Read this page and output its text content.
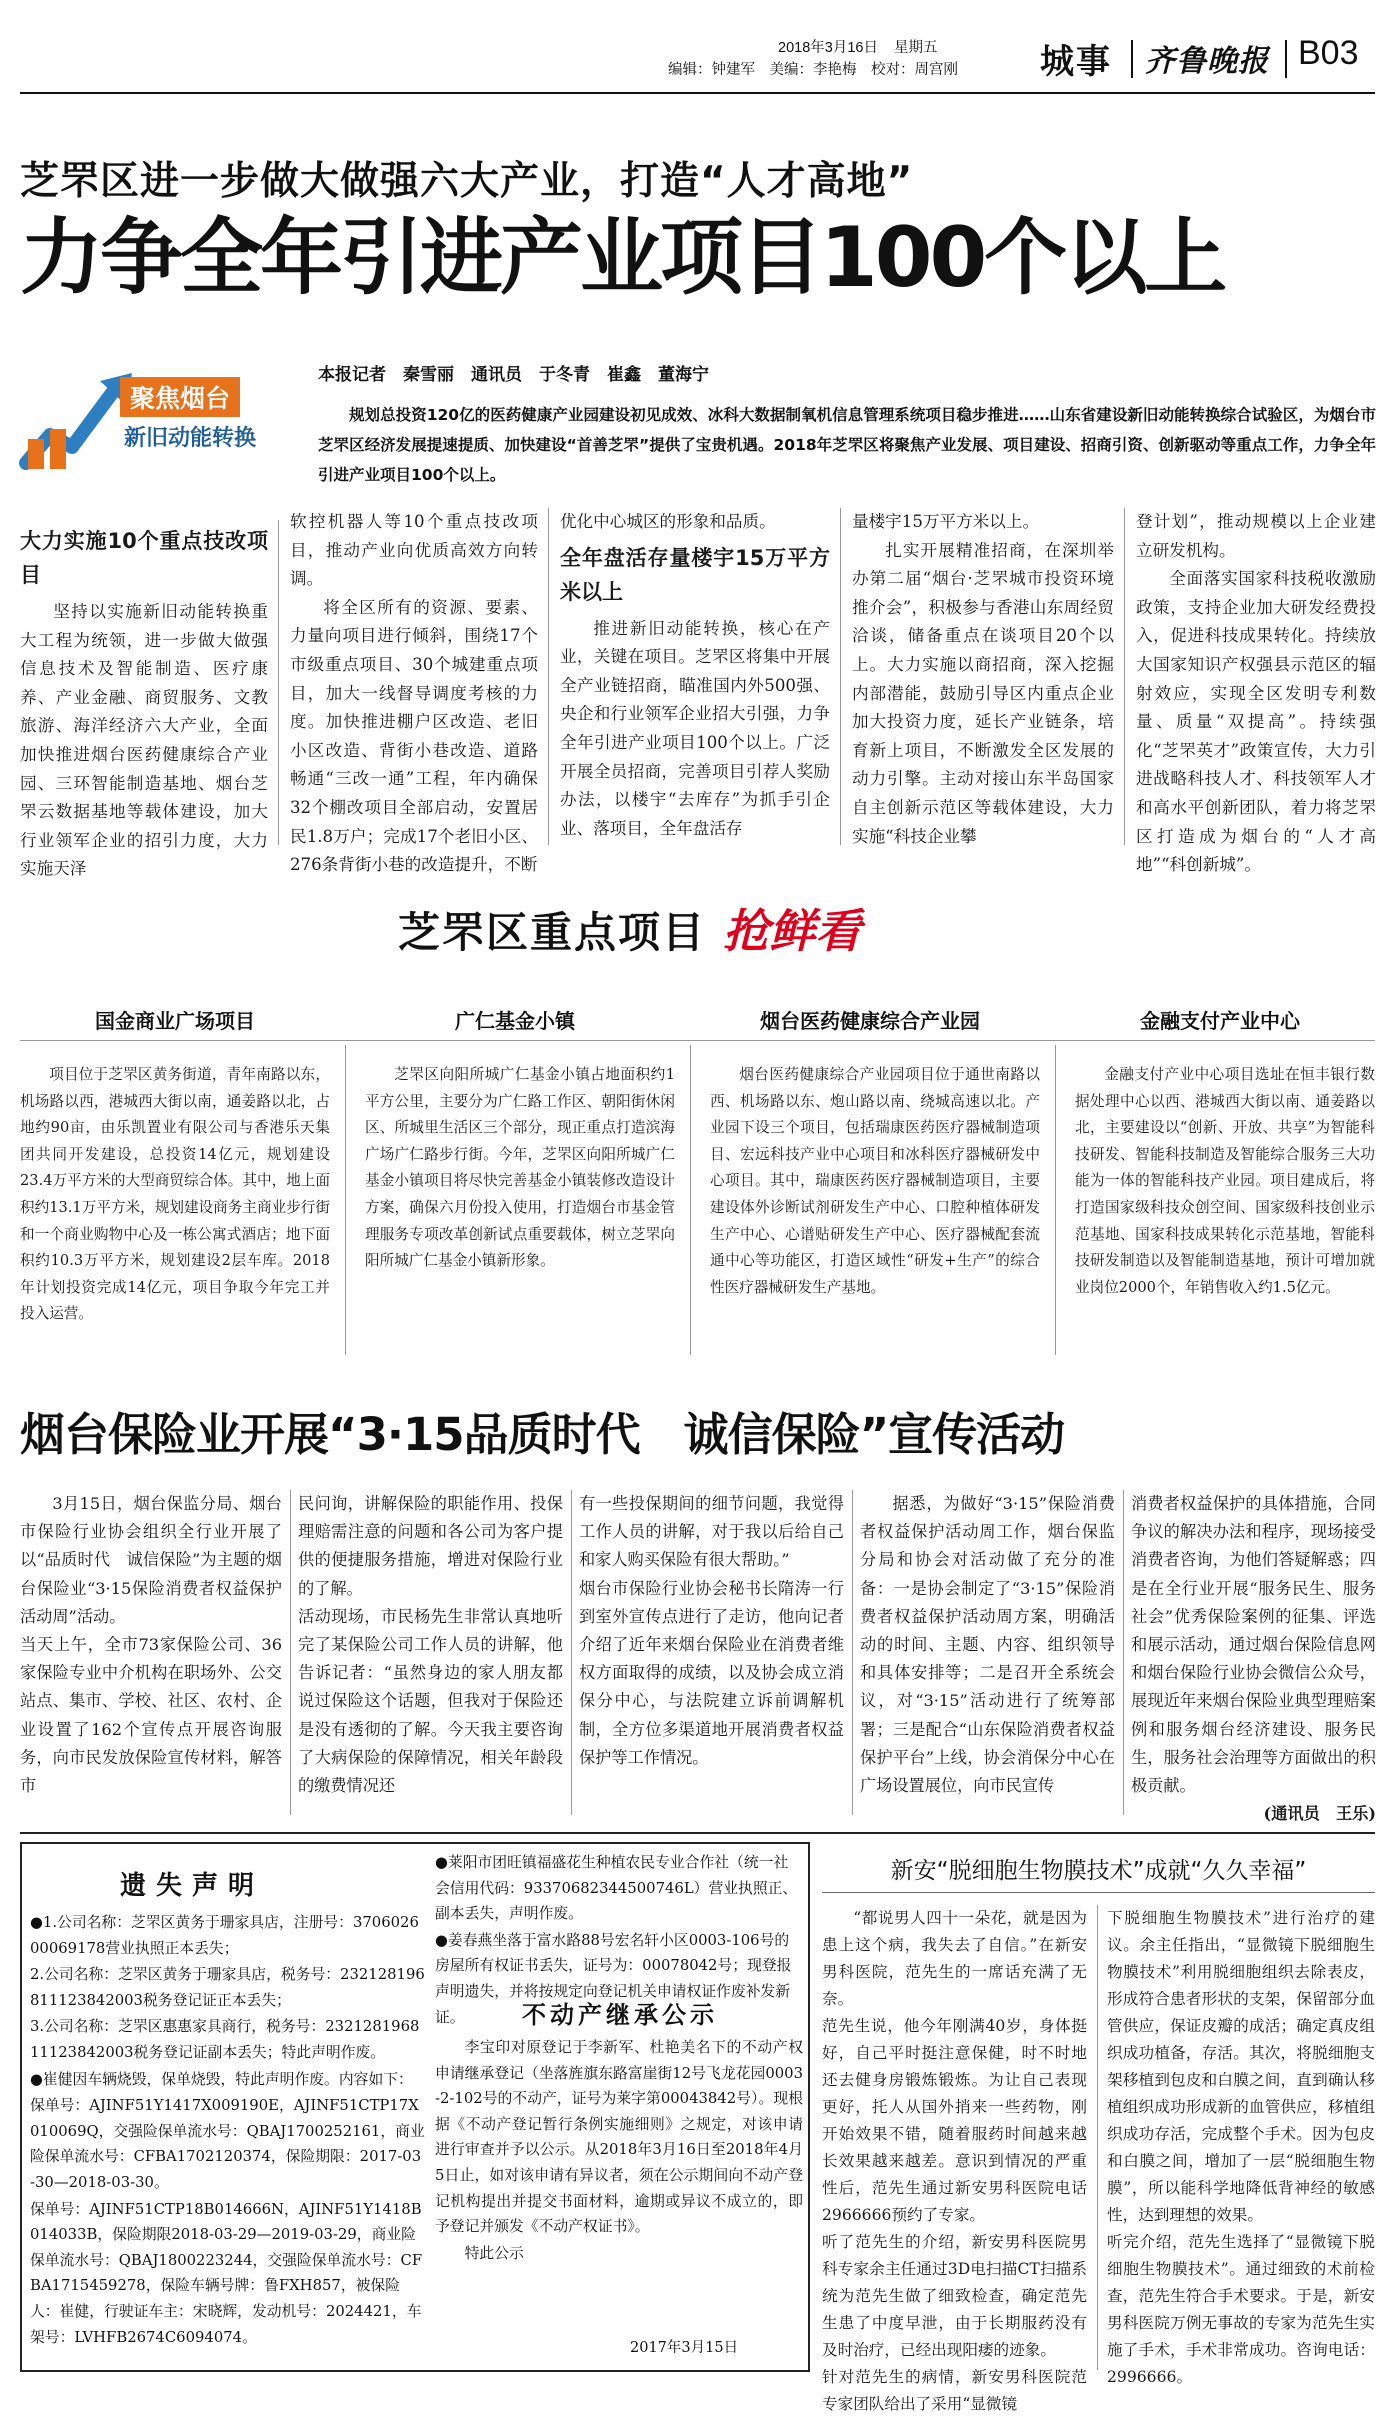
2018年3月16日 星期五
编辑：钟建军　美编：李艳梅　校对：周宫刚 城事 齐鲁晚报 B03
芝罘区进一步做大做强六大产业，打造“人才高地”
力争全年引进产业项目100个以上
聚焦烟台
新旧动能转换
本报记者　秦雪丽　通讯员　于冬青　崔鑫　董海宁
规划总投资120亿的医药健康产业园建设初见成效、冰科大数据制氧机信息管理系统项目稳步推进……山东省建设新旧动能转换综合试验区，为烟台市芝罘区经济发展提速提质、加快建设“首善芝罘”提供了宝贵机遇。2018年芝罘区将聚焦产业发展、项目建设、招商引资、创新驱动等重点工作，力争全年引进产业项目100个以上。

大力实施10个重点技改项目

坚持以实施新旧动能转换重大工程为统领，进一步做大做强信息技术及智能制造、医疗康养、产业金融、商贸服务、文教旅游、海洋经济六大产业，全面加快推进烟台医药健康综合产业园、三环智能制造基地、烟台芝罘云数据基地等载体建设，加大行业领军企业的招引力度，大力实施天泽

软控机器人等10个重点技改项目，推动产业向优质高效方向转调。

将全区所有的资源、要素、力量向项目进行倾斜，围绕17个市级重点项目、30个城建重点项目，加大一线督导调度考核的力度。加快推进棚户区改造、老旧小区改造、背街小巷改造、道路畅通“三改一通”工程，年内确保32个棚改项目全部启动，安置居民1.8万户；完成17个老旧小区、276条背街小巷的改造提升，不断

优化中心城区的形象和品质。

全年盘活存量楼宇15万平方米以上

推进新旧动能转换，核心在产业，关键在项目。芝罘区将集中开展全产业链招商，瞄准国内外500强、央企和行业领军企业招大引强，力争全年引进产业项目100个以上。广泛开展全员招商，完善项目引荐人奖励办法，以楼宇“去库存”为抓手引企业、落项目，全年盘活存

量楼宇15万平方米以上。

扎实开展精准招商，在深圳举办第二届“烟台·芝罘城市投资环境推介会”，积极参与香港山东周经贸洽谈，储备重点在谈项目20个以上。大力实施以商招商，深入挖掘内部潜能，鼓励引导区内重点企业加大投资力度，延长产业链条，培育新上项目，不断激发全区发展的动力引擎。主动对接山东半岛国家自主创新示范区等载体建设，大力实施“科技企业攀

登计划”，推动规模以上企业建立研发机构。

全面落实国家科技税收激励政策，支持企业加大研发经费投入，促进科技成果转化。持续放大国家知识产权强县示范区的辐射效应，实现全区发明专利数量、质量“双提高”。持续强化“芝罘英才”政策宣传，大力引进战略科技人才、科技领军人才和高水平创新团队，着力将芝罘区打造成为烟台的“人才高地”“科创新城”。

芝罘区重点项目 抢鲜看
国金商业广场项目	广仁基金小镇	烟台医药健康综合产业园	金融支付产业中心

项目位于芝罘区黄务街道，青年南路以东，机场路以西，港城西大街以南，通姜路以北，占地约90亩，由乐凯置业有限公司与香港乐天集团共同开发建设，总投资14亿元，规划建设23.4万平方米的大型商贸综合体。其中，地上面积约13.1万平方米，规划建设商务主商业步行街和一个商业购物中心及一栋公寓式酒店；地下面积约10.3万平方米，规划建设2层车库。2018年计划投资完成14亿元，项目争取今年完工并投入运营。

芝罘区向阳所城广仁基金小镇占地面积约1平方公里，主要分为广仁路工作区、朝阳街休闲区、所城里生活区三个部分，现正重点打造滨海广场广仁路步行街。今年，芝罘区向阳所城广仁基金小镇项目将尽快完善基金小镇装修改造设计方案，确保六月份投入使用，打造烟台市基金管理服务专项改革创新试点重要载体，树立芝罘向阳所城广仁基金小镇新形象。

烟台医药健康综合产业园项目位于通世南路以西、机场路以东、炮山路以南、绕城高速以北。产业园下设三个项目，包括瑞康医药医疗器械制造项目、宏远科技产业中心项目和冰科医疗器械研发中心项目。其中，瑞康医药医疗器械制造项目，主要建设体外诊断试剂研发生产中心、口腔种植体研发生产中心、心谱贴研发生产中心、医疗器械配套流通中心等功能区，打造区域性“研发+生产”的综合性医疗器械研发生产基地。

金融支付产业中心项目选址在恒丰银行数据处理中心以西、港城西大街以南、通姜路以北，主要建设以“创新、开放、共享”为智能科技研发、智能科技制造及智能综合服务三大功能为一体的智能科技产业园。项目建成后，将打造国家级科技众创空间、国家级科技创业示范基地、国家科技成果转化示范基地，智能科技研发制造以及智能制造基地，预计可增加就业岗位2000个，年销售收入约1.5亿元。

烟台保险业开展“3·15品质时代　诚信保险”宣传活动

3月15日，烟台保监分局、烟台市保险行业协会组织全行业开展了以“品质时代　诚信保险”为主题的烟台保险业“3·15保险消费者权益保护活动周”活动。
当天上午，全市73家保险公司、36家保险专业中介机构在职场外、公交站点、集市、学校、社区、农村、企业设置了162个宣传点开展咨询服务，向市民发放保险宣传材料，解答市

民问询，讲解保险的职能作用、投保理赔需注意的问题和各公司为客户提供的便捷服务措施，增进对保险行业的了解。
活动现场，市民杨先生非常认真地听完了某保险公司工作人员的讲解，他告诉记者：“虽然身边的家人朋友都说过保险这个话题，但我对于保险还是没有透彻的了解。今天我主要咨询了大病保险的保障情况，相关年龄段的缴费情况还

有一些投保期间的细节问题，我觉得工作人员的讲解，对于我以后给自己和家人购买保险有很大帮助。”
烟台市保险行业协会秘书长隋涛一行到室外宣传点进行了走访，他向记者介绍了近年来烟台保险业在消费者维权方面取得的成绩，以及协会成立消保分中心，与法院建立诉前调解机制，全方位多渠道地开展消费者权益保护等工作情况。

据悉，为做好“3·15”保险消费者权益保护活动周工作，烟台保监分局和协会对活动做了充分的准备：一是协会制定了“3·15”保险消费者权益保护活动周方案，明确活动的时间、主题、内容、组织领导和具体安排等；二是召开全系统会议，对“3·15”活动进行了统筹部署；三是配合“山东保险消费者权益保护平台”上线，协会消保分中心在广场设置展位，向市民宣传

消费者权益保护的具体措施，合同争议的解决办法和程序，现场接受消费者咨询，为他们答疑解惑；四是在全行业开展“服务民生、服务社会”优秀保险案例的征集、评选和展示活动，通过烟台保险信息网和烟台保险行业协会微信公众号，展现近年来烟台保险业典型理赔案例和服务烟台经济建设、服务民生，服务社会治理等方面做出的积极贡献。

(通讯员　王乐)

遗失声明

●1.公司名称：芝罘区黄务于珊家具店，注册号：370602600069178营业执照正本丢失；

2.公司名称：芝罘区黄务于珊家具店，税务号：232128196811123842003税务登记证正本丢失；

3.公司名称：芝罘区惠惠家具商行，税务号：232128196811123842003税务登记证副本丢失；特此声明作废。

●崔健因车辆烧毁，保单烧毁，特此声明作废。内容如下：

保单号：AJINF51Y1417X009190E，AJINF51CTP17X010069Q，交强险保单流水号：QBAJ1700252161，商业险保单流水号：CFBA1702120374，保险期限：2017-03-30—2018-03-30。

保单号：AJINF51CTP18B014666N，AJINF51Y1418B014033B，保险期限2018-03-29—2019-03-29，商业险保单流水号：QBAJ1800223244，交强险保单流水号：CFBA1715459278，保险车辆号牌：鲁FXH857，被保险人：崔健，行驶证车主：宋晓辉，发动机号：2024421，车架号：LVHFB2674C6094074。

●莱阳市团旺镇福盛花生种植农民专业合作社（统一社会信用代码：93370682344500746L）营业执照正、副本丢失，声明作废。

●姜春燕坐落于富水路88号宏名轩小区0003-106号的房屋所有权证书丢失，证号为：00078042号；现登报声明遗失，并将按规定向登记机关申请权证作废补发新证。	不动产继承公示

李宝印对原登记于李新军、杜艳美名下的不动产权申请继承登记（坐落旌旗东路富崖街12号飞龙花园0003-2-102号的不动产，证号为莱字第00043842号）。现根据《不动产登记暂行条例实施细则》之规定，对该申请进行审查并予以公示。从2018年3月16日至2018年4月5日止，如对该申请有异议者，须在公示期间向不动产登记机构提出并提交书面材料，逾期或异议不成立的，即予登记并颁发《不动产权证书》。

特此公示

2017年3月15日
新安“脱细胞生物膜技术”成就“久久幸福”

“都说男人四十一朵花，就是因为患上这个病，我失去了自信。”在新安男科医院，范先生的一席话充满了无奈。
范先生说，他今年刚满40岁，身体挺好，自己平时挺注意保健，时不时地还去健身房锻炼锻炼。为让自己表现更好，托人从国外捎来一些药物，刚开始效果不错，随着服药时间越来越长效果越来越差。意识到情况的严重性后，范先生通过新安男科医院电话2966666预约了专家。
听了范先生的介绍，新安男科医院男科专家余主任通过3D电扫描CT扫描系统为范先生做了细致检查，确定范先生患了中度早泄，由于长期服药没有及时治疗，已经出现阳痿的迹象。
针对范先生的病情，新安男科医院范专家团队给出了采用“显微镜

下脱细胞生物膜技术”进行治疗的建议。余主任指出，“显微镜下脱细胞生物膜技术”利用脱细胞组织去除表皮，形成符合患者形状的支架，保留部分血管供应，保证皮瓣的成活；确定真皮组织成功植备，存活。其次，将脱细胞支架移植到包皮和白膜之间，直到确认移植组织成功形成新的血管供应，移植组织成功存活，完成整个手术。因为包皮和白膜之间，增加了一层“脱细胞生物膜”，所以能科学地降低背神经的敏感性，达到理想的效果。
听完介绍，范先生选择了“显微镜下脱细胞生物膜技术”。通过细致的术前检查，范先生符合手术要求。于是，新安男科医院万例无事故的专家为范先生实施了手术，手术非常成功。咨询电话：2996666。
